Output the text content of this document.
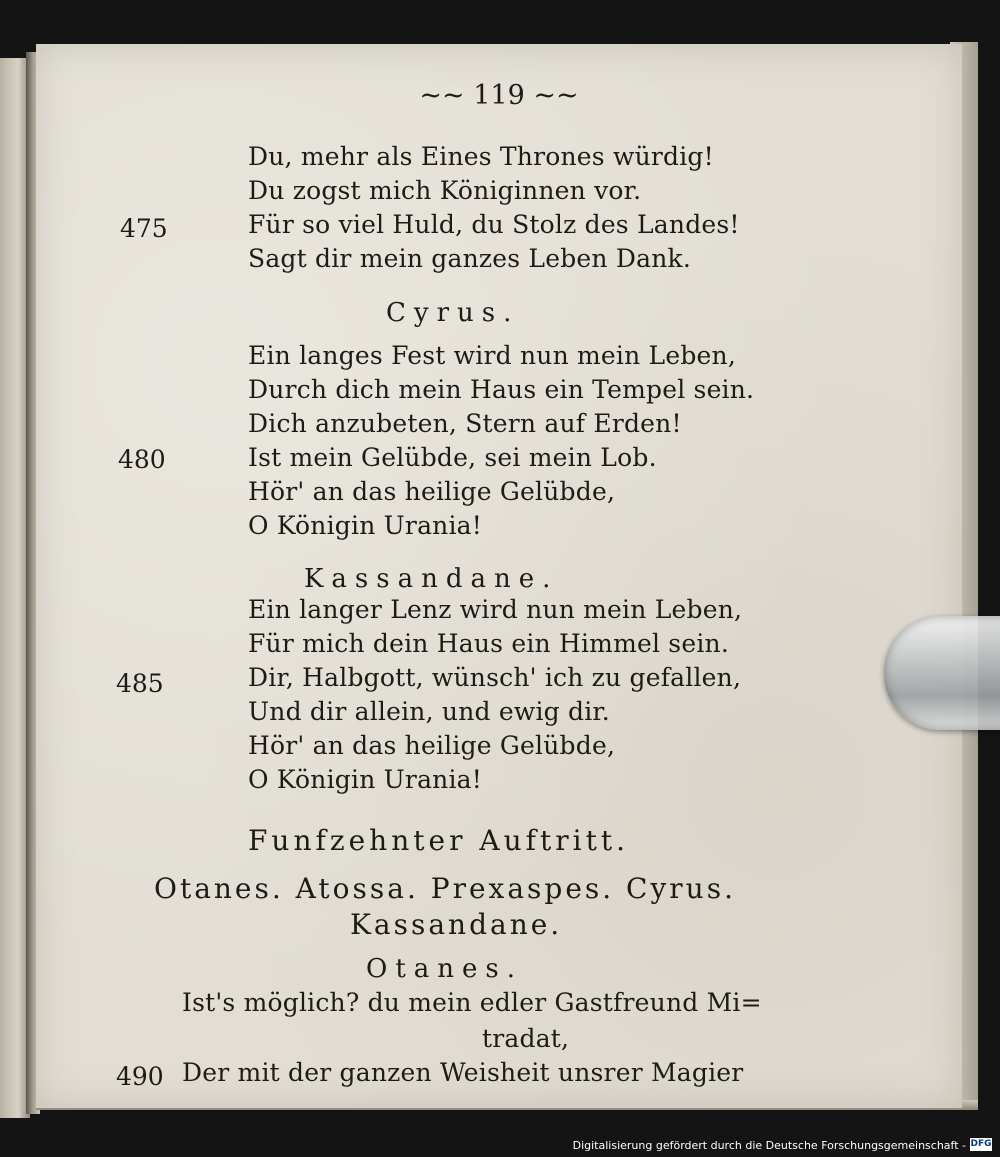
~~ 119 ~~
Du, mehr als Eines Thrones würdig!
Du zogst mich Königinnen vor.
475	Für so viel Huld, du Stolz des Landes!
Sagt dir mein ganzes Leben Dank.
Cyrus.
Ein langes Fest wird nun mein Leben,
Durch dich mein Haus ein Tempel sein.
Dich anzubeten, Stern auf Erden!
480	Ist mein Gelübde, sei mein Lob.
Hör' an das heilige Gelübde,
O Königin Urania!
Kassandane.
Ein langer Lenz wird nun mein Leben,
Für mich dein Haus ein Himmel sein.
485	Dir, Halbgott, wünsch' ich zu gefallen,
Und dir allein, und ewig dir.
Hör' an das heilige Gelübde,
O Königin Urania!
Funfzehnter Auftritt.
Otanes. Atossa. Prexaspes. Cyrus.
Kassandane.
Otanes.
Ist's möglich? du mein edler Gastfreund Mi=
tradat,
490 Der mit der ganzen Weisheit unsrer Magier
Digitalisierung gefördert durch die Deutsche Forschungsgemeinschaft - DFG
